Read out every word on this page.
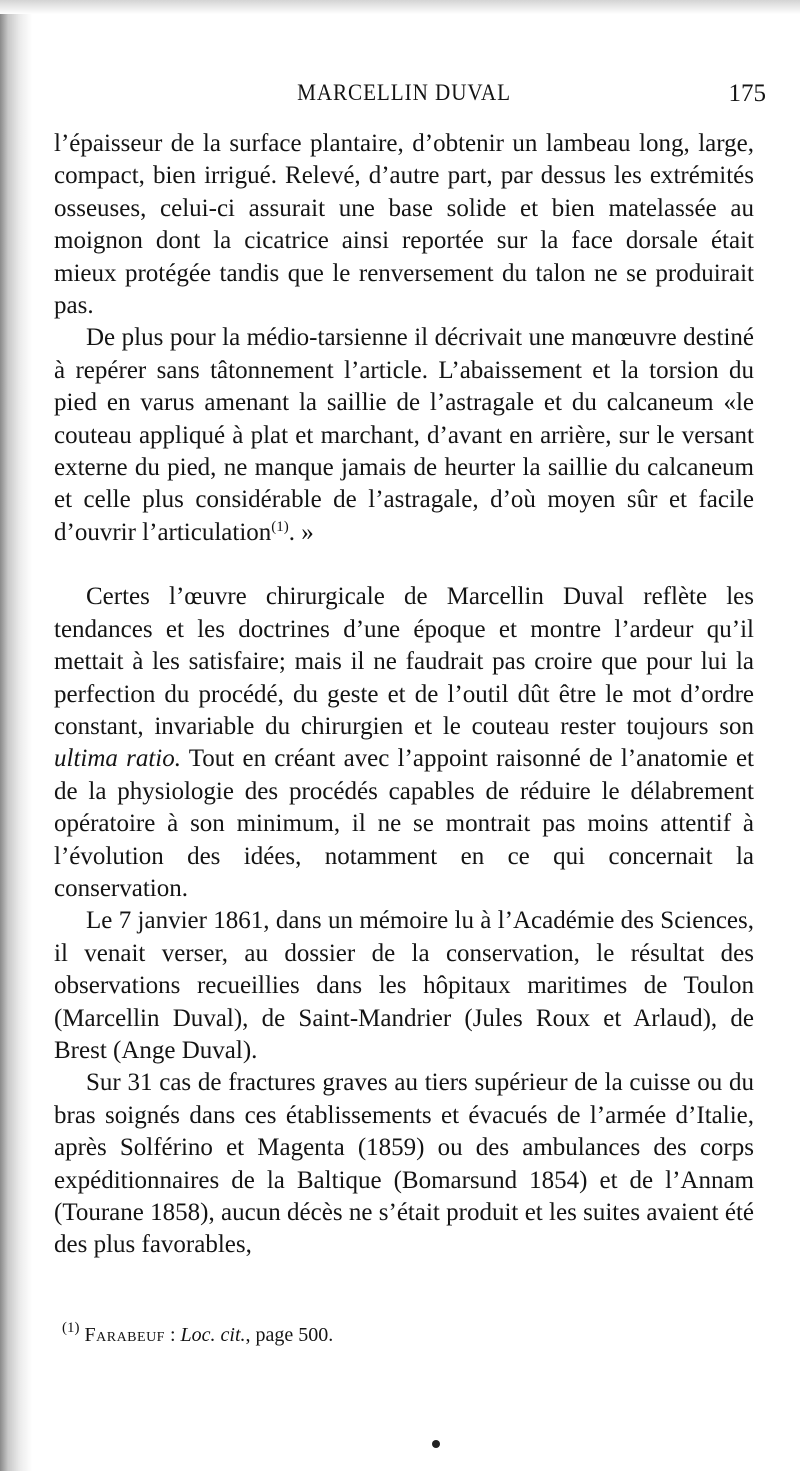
MARCELLIN DUVAL	175

l’épaisseur de la surface plantaire, d’obtenir un lambeau long, large, compact, bien irrigué. Relevé, d’autre part, par dessus les extrémités osseuses, celui-ci assurait une base solide et bien matelassée au moignon dont la cicatrice ainsi reportée sur la face dorsale était mieux protégée tandis que le renversement du talon ne se produirait pas.

De plus pour la médio-tarsienne il décrivait une manœuvre destiné à repérer sans tâtonnement l’article. L’abaissement et la torsion du pied en varus amenant la saillie de l’astragale et du calcaneum «le couteau appliqué à plat et marchant, d’avant en arrière, sur le versant externe du pied, ne manque jamais de heurter la saillie du calcaneum et celle plus considérable de l’astragale, d’où moyen sûr et facile d’ouvrir l’articulation$^{(1)}$. »

Certes l’œuvre chirurgicale de Marcellin Duval reflète les tendances et les doctrines d’une époque et montre l’ardeur qu’il mettait à les satisfaire; mais il ne faudrait pas croire que pour lui la perfection du procédé, du geste et de l’outil dût être le mot d’ordre constant, invariable du chirurgien et le couteau rester toujours son ultima ratio. Tout en créant avec l’appoint raisonné de l’anatomie et de la physiologie des procédés capables de réduire le délabrement opératoire à son minimum, il ne se montrait pas moins attentif à l’évolution des idées, notamment en ce qui concernait la conservation.

Le 7 janvier 1861, dans un mémoire lu à l’Académie des Sciences, il venait verser, au dossier de la conservation, le résultat des observations recueillies dans les hôpitaux maritimes de Toulon (Marcellin Duval), de Saint-Mandrier (Jules Roux et Arlaud), de Brest (Ange Duval).

Sur 31 cas de fractures graves au tiers supérieur de la cuisse ou du bras soignés dans ces établissements et évacués de l’armée d’Italie, après Solférino et Magenta (1859) ou des ambulances des corps expéditionnaires de la Baltique (Bomarsund 1854) et de l’Annam (Tourane 1858), aucun décès ne s’était produit et les suites avaient été des plus favorables,

$^{(1)}$ Farabeuf : Loc. cit., page 500.
